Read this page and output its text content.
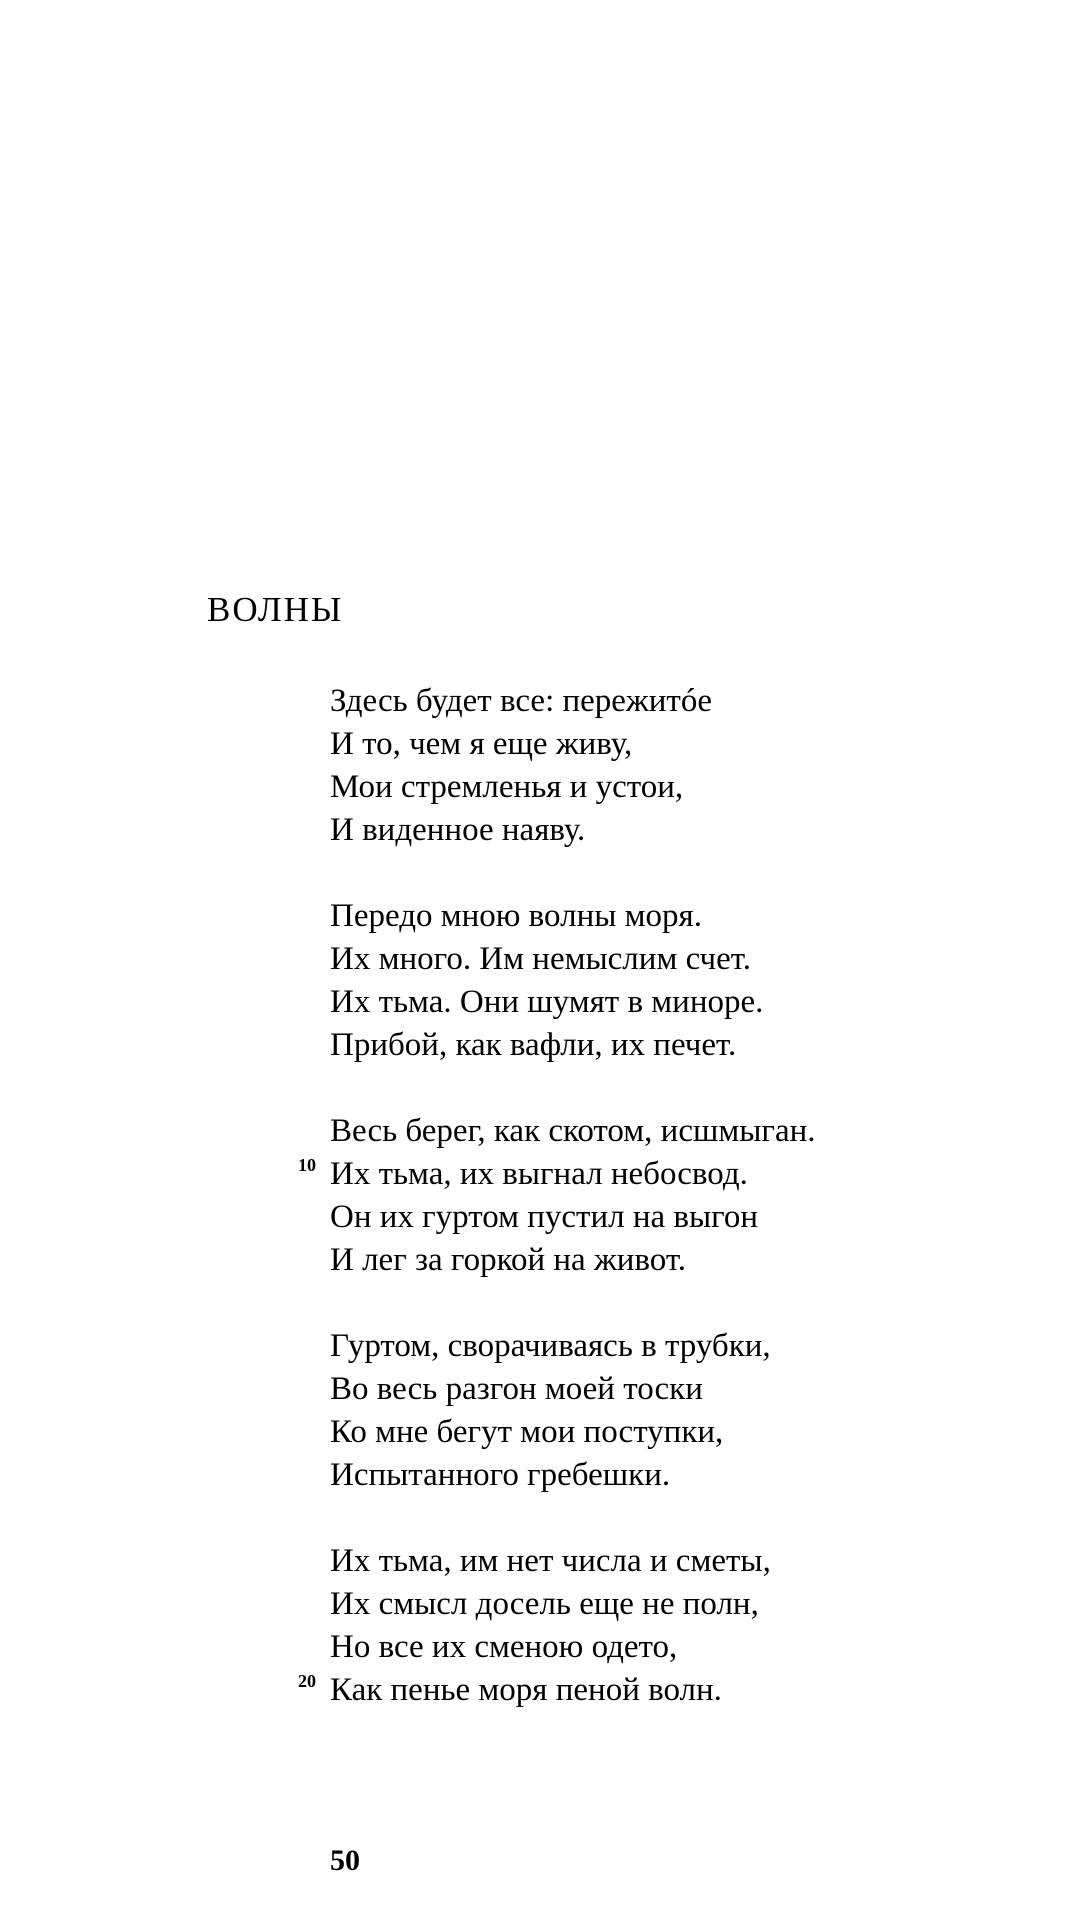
ВОЛНЫ
Здесь будет все: пережитóе
И то, чем я еще живу,
Мои стремленья и устои,
И виденное наяву.
Передо мною волны моря.
Их много. Им немыслим счет.
Их тьма. Они шумят в миноре.
Прибой, как вафли, их печет.
Весь берег, как скотом, исшмыган.
10 Их тьма, их выгнал небосвод.
Он их гуртом пустил на выгон
И лег за горкой на живот.
Гуртом, сворачиваясь в трубки,
Во весь разгон моей тоски
Ко мне бегут мои поступки,
Испытанного гребешки.
Их тьма, им нет числа и сметы,
Их смысл досель еще не полн,
Но все их сменою одето,
20 Как пенье моря пеной волн.
50
